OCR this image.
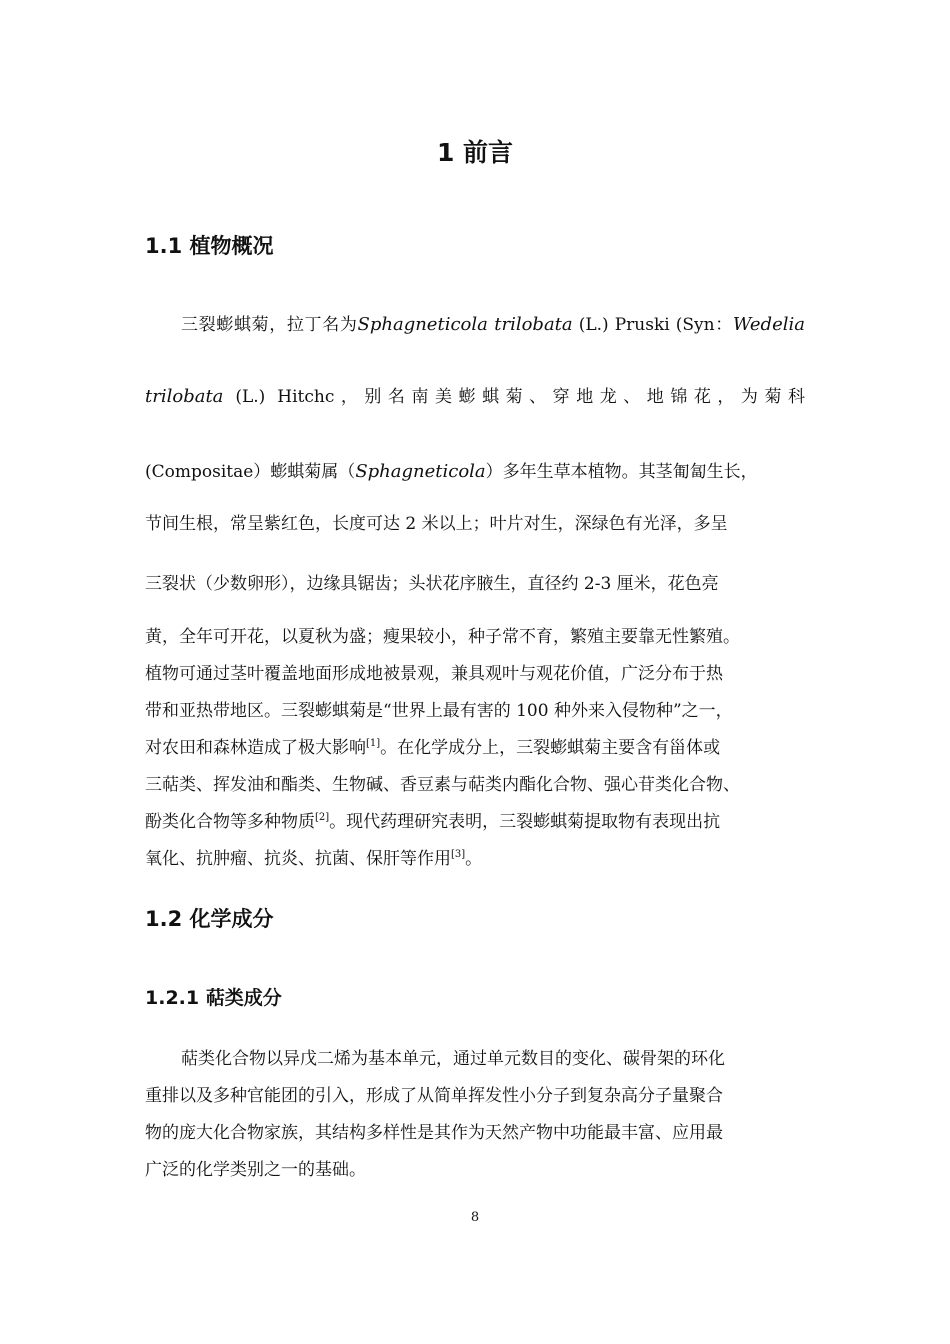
1 前言
1.1 植物概况
三裂蟛蜞菊，拉丁名为Sphagneticola trilobata (L.) Pruski (Syn：Wedelia
trilobata (L.) Hitchc，别名南美蟛蜞菊、穿地龙、地锦花，为菊科
(Compositae）蟛蜞菊属（Sphagneticola）多年生草本植物。其茎匍匐生长，
节间生根，常呈紫红色，长度可达 2 米以上；叶片对生，深绿色有光泽，多呈
三裂状（少数卵形），边缘具锯齿；头状花序腋生，直径约 2-3 厘米，花色亮
黄，全年可开花，以夏秋为盛；瘦果较小，种子常不育，繁殖主要靠无性繁殖。
植物可通过茎叶覆盖地面形成地被景观，兼具观叶与观花价值，广泛分布于热
带和亚热带地区。三裂蟛蜞菊是“世界上最有害的 100 种外来入侵物种”之一，
对农田和森林造成了极大影响[1]。在化学成分上，三裂蟛蜞菊主要含有甾体或
三萜类、挥发油和酯类、生物碱、香豆素与萜类内酯化合物、强心苷类化合物、
酚类化合物等多种物质[2]。现代药理研究表明，三裂蟛蜞菊提取物有表现出抗
氧化、抗肿瘤、抗炎、抗菌、保肝等作用[3]。
1.2 化学成分
1.2.1 萜类成分
萜类化合物以异戊二烯为基本单元，通过单元数目的变化、碳骨架的环化
重排以及多种官能团的引入，形成了从简单挥发性小分子到复杂高分子量聚合
物的庞大化合物家族，其结构多样性是其作为天然产物中功能最丰富、应用最
广泛的化学类别之一的基础。
8
